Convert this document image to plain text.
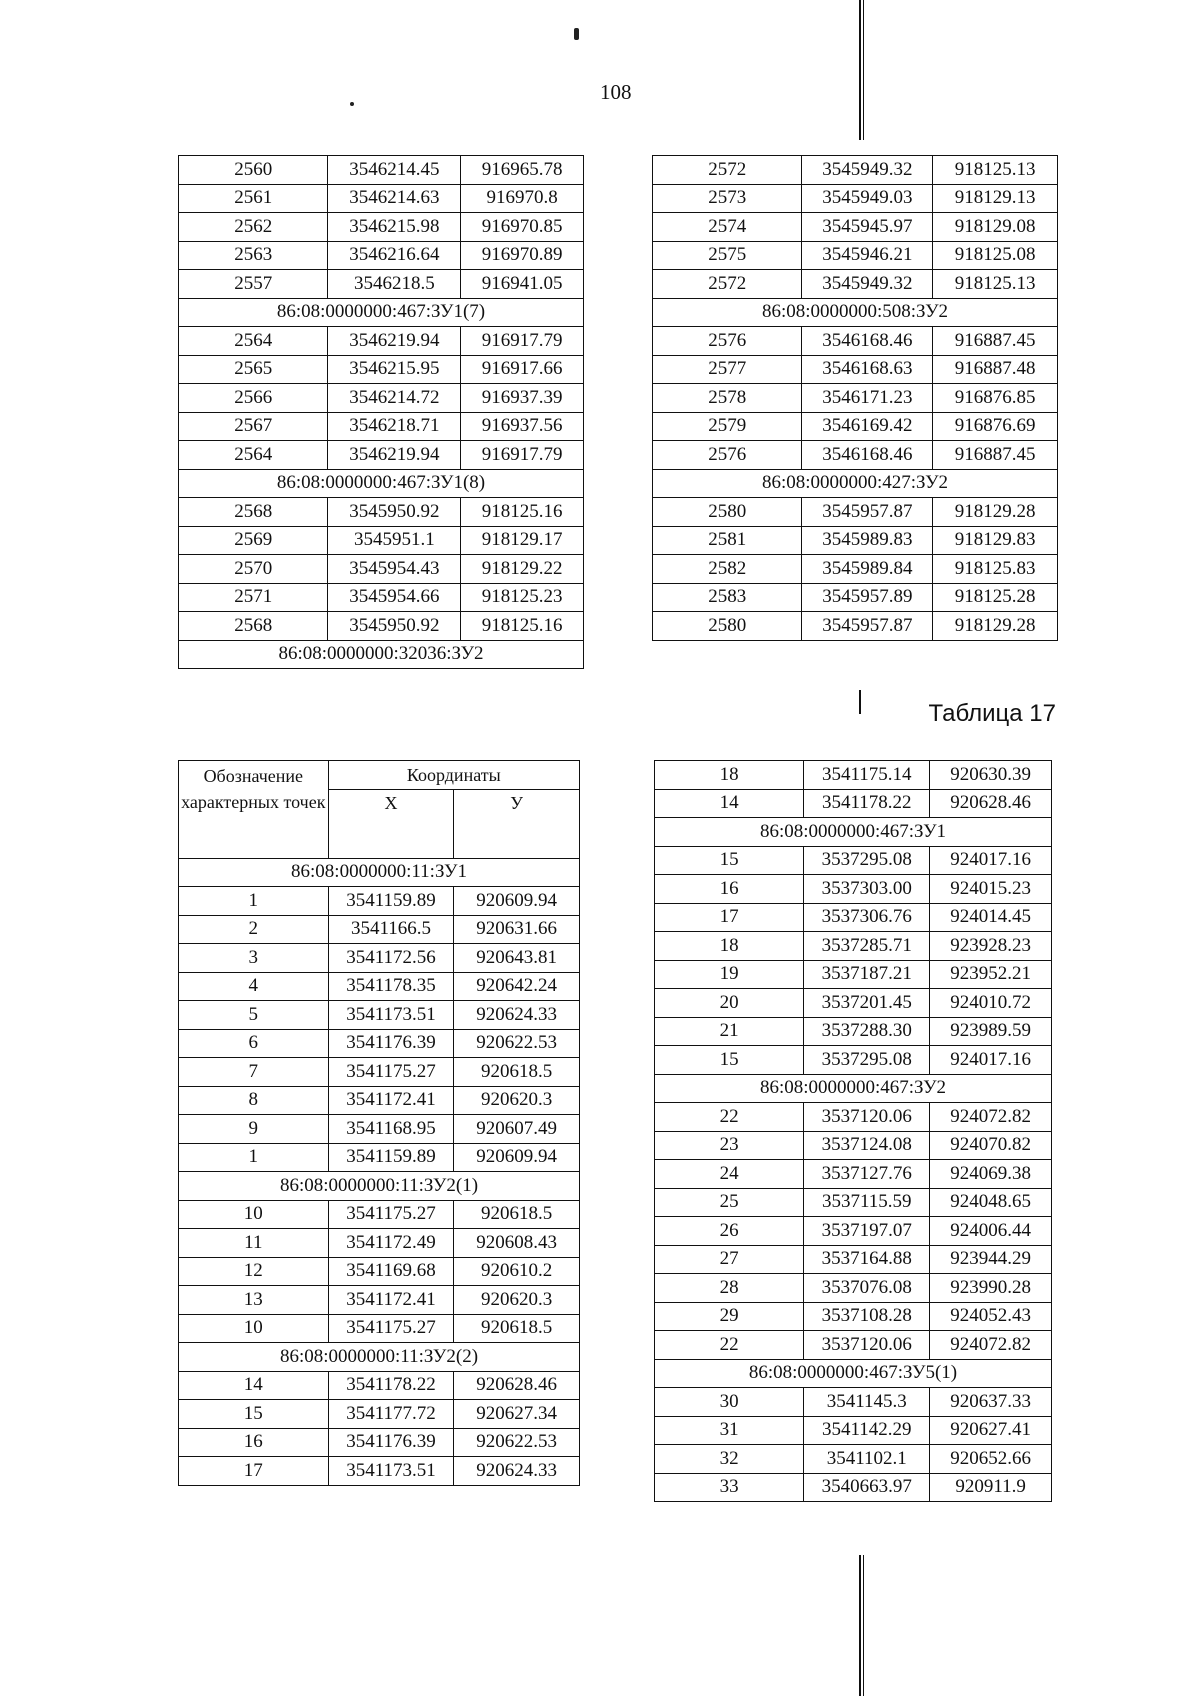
108
2560	3546214.45	916965.78
2561	3546214.63	916970.8
2562	3546215.98	916970.85
2563	3546216.64	916970.89
2557	3546218.5	916941.05
86:08:0000000:467:ЗУ1(7)		
2564	3546219.94	916917.79
2565	3546215.95	916917.66
2566	3546214.72	916937.39
2567	3546218.71	916937.56
2564	3546219.94	916917.79
86:08:0000000:467:ЗУ1(8)		
2568	3545950.92	918125.16
2569	3545951.1	918129.17
2570	3545954.43	918129.22
2571	3545954.66	918125.23
2568	3545950.92	918125.16
86:08:0000000:32036:ЗУ2		
2572	3545949.32	918125.13
2573	3545949.03	918129.13
2574	3545945.97	918129.08
2575	3545946.21	918125.08
2572	3545949.32	918125.13
86:08:0000000:508:ЗУ2		
2576	3546168.46	916887.45
2577	3546168.63	916887.48
2578	3546171.23	916876.85
2579	3546169.42	916876.69
2576	3546168.46	916887.45
86:08:0000000:427:ЗУ2		
2580	3545957.87	918129.28
2581	3545989.83	918129.83
2582	3545989.84	918125.83
2583	3545957.89	918125.28
2580	3545957.87	918129.28
Таблица 17
Обозначение характерных точек	Координаты	
	Х	У
86:08:0000000:11:ЗУ1		
1	3541159.89	920609.94
2	3541166.5	920631.66
3	3541172.56	920643.81
4	3541178.35	920642.24
5	3541173.51	920624.33
6	3541176.39	920622.53
7	3541175.27	920618.5
8	3541172.41	920620.3
9	3541168.95	920607.49
1	3541159.89	920609.94
86:08:0000000:11:ЗУ2(1)		
10	3541175.27	920618.5
11	3541172.49	920608.43
12	3541169.68	920610.2
13	3541172.41	920620.3
10	3541175.27	920618.5
86:08:0000000:11:ЗУ2(2)		
14	3541178.22	920628.46
15	3541177.72	920627.34
16	3541176.39	920622.53
17	3541173.51	920624.33
18	3541175.14	920630.39
14	3541178.22	920628.46
86:08:0000000:467:ЗУ1		
15	3537295.08	924017.16
16	3537303.00	924015.23
17	3537306.76	924014.45
18	3537285.71	923928.23
19	3537187.21	923952.21
20	3537201.45	924010.72
21	3537288.30	923989.59
15	3537295.08	924017.16
86:08:0000000:467:ЗУ2		
22	3537120.06	924072.82
23	3537124.08	924070.82
24	3537127.76	924069.38
25	3537115.59	924048.65
26	3537197.07	924006.44
27	3537164.88	923944.29
28	3537076.08	923990.28
29	3537108.28	924052.43
22	3537120.06	924072.82
86:08:0000000:467:ЗУ5(1)		
30	3541145.3	920637.33
31	3541142.29	920627.41
32	3541102.1	920652.66
33	3540663.97	920911.9
